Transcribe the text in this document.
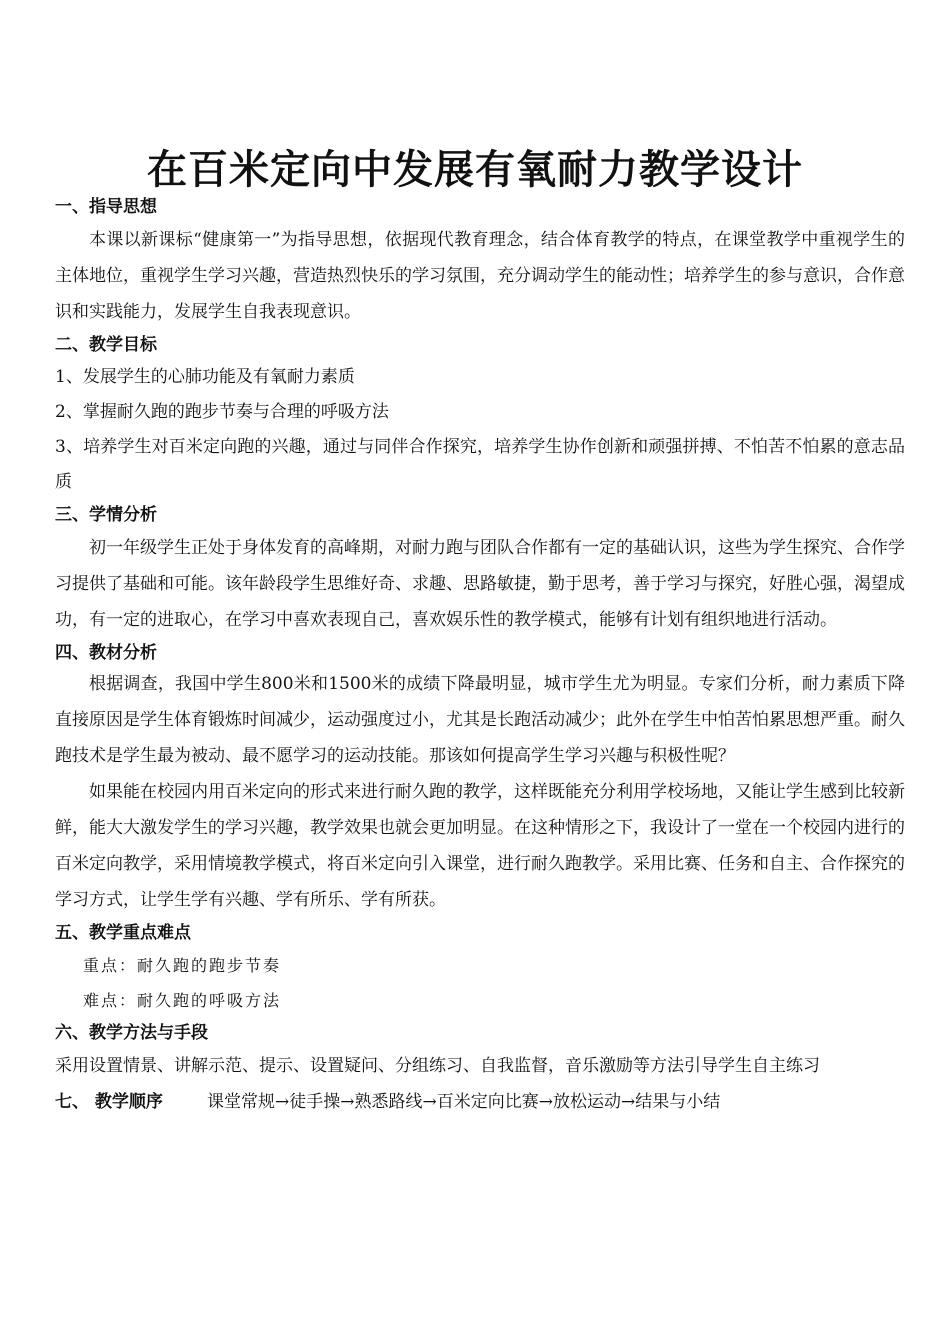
在百米定向中发展有氧耐力教学设计

一、指导思想

本课以新课标“健康第一”为指导思想，依据现代教育理念，结合体育教学的特点，在课堂教学中重视学生的主体地位，重视学生学习兴趣，营造热烈快乐的学习氛围，充分调动学生的能动性；培养学生的参与意识，合作意识和实践能力，发展学生自我表现意识。

二、教学目标

1、发展学生的心肺功能及有氧耐力素质

2、掌握耐久跑的跑步节奏与合理的呼吸方法

3、培养学生对百米定向跑的兴趣，通过与同伴合作探究，培养学生协作创新和顽强拼搏、不怕苦不怕累的意志品质

三、学情分析

初一年级学生正处于身体发育的高峰期，对耐力跑与团队合作都有一定的基础认识，这些为学生探究、合作学习提供了基础和可能。该年龄段学生思维好奇、求趣、思路敏捷，勤于思考，善于学习与探究，好胜心强，渴望成功，有一定的进取心，在学习中喜欢表现自己，喜欢娱乐性的教学模式，能够有计划有组织地进行活动。

四、教材分析

根据调查，我国中学生800米和1500米的成绩下降最明显，城市学生尤为明显。专家们分析，耐力素质下降直接原因是学生体育锻炼时间减少，运动强度过小，尤其是长跑活动减少；此外在学生中怕苦怕累思想严重。耐久跑技术是学生最为被动、最不愿学习的运动技能。那该如何提高学生学习兴趣与积极性呢？

如果能在校园内用百米定向的形式来进行耐久跑的教学，这样既能充分利用学校场地，又能让学生感到比较新鲜，能大大激发学生的学习兴趣，教学效果也就会更加明显。在这种情形之下，我设计了一堂在一个校园内进行的百米定向教学，采用情境教学模式，将百米定向引入课堂，进行耐久跑教学。采用比赛、任务和自主、合作探究的学习方式，让学生学有兴趣、学有所乐、学有所获。

五、教学重点难点

重点：耐久跑的跑步节奏

难点：耐久跑的呼吸方法

六、教学方法与手段

采用设置情景、讲解示范、提示、设置疑问、分组练习、自我监督，音乐激励等方法引导学生自主练习

七、 教学顺序	课堂常规→徒手操→熟悉路线→百米定向比赛→放松运动→结果与小结
